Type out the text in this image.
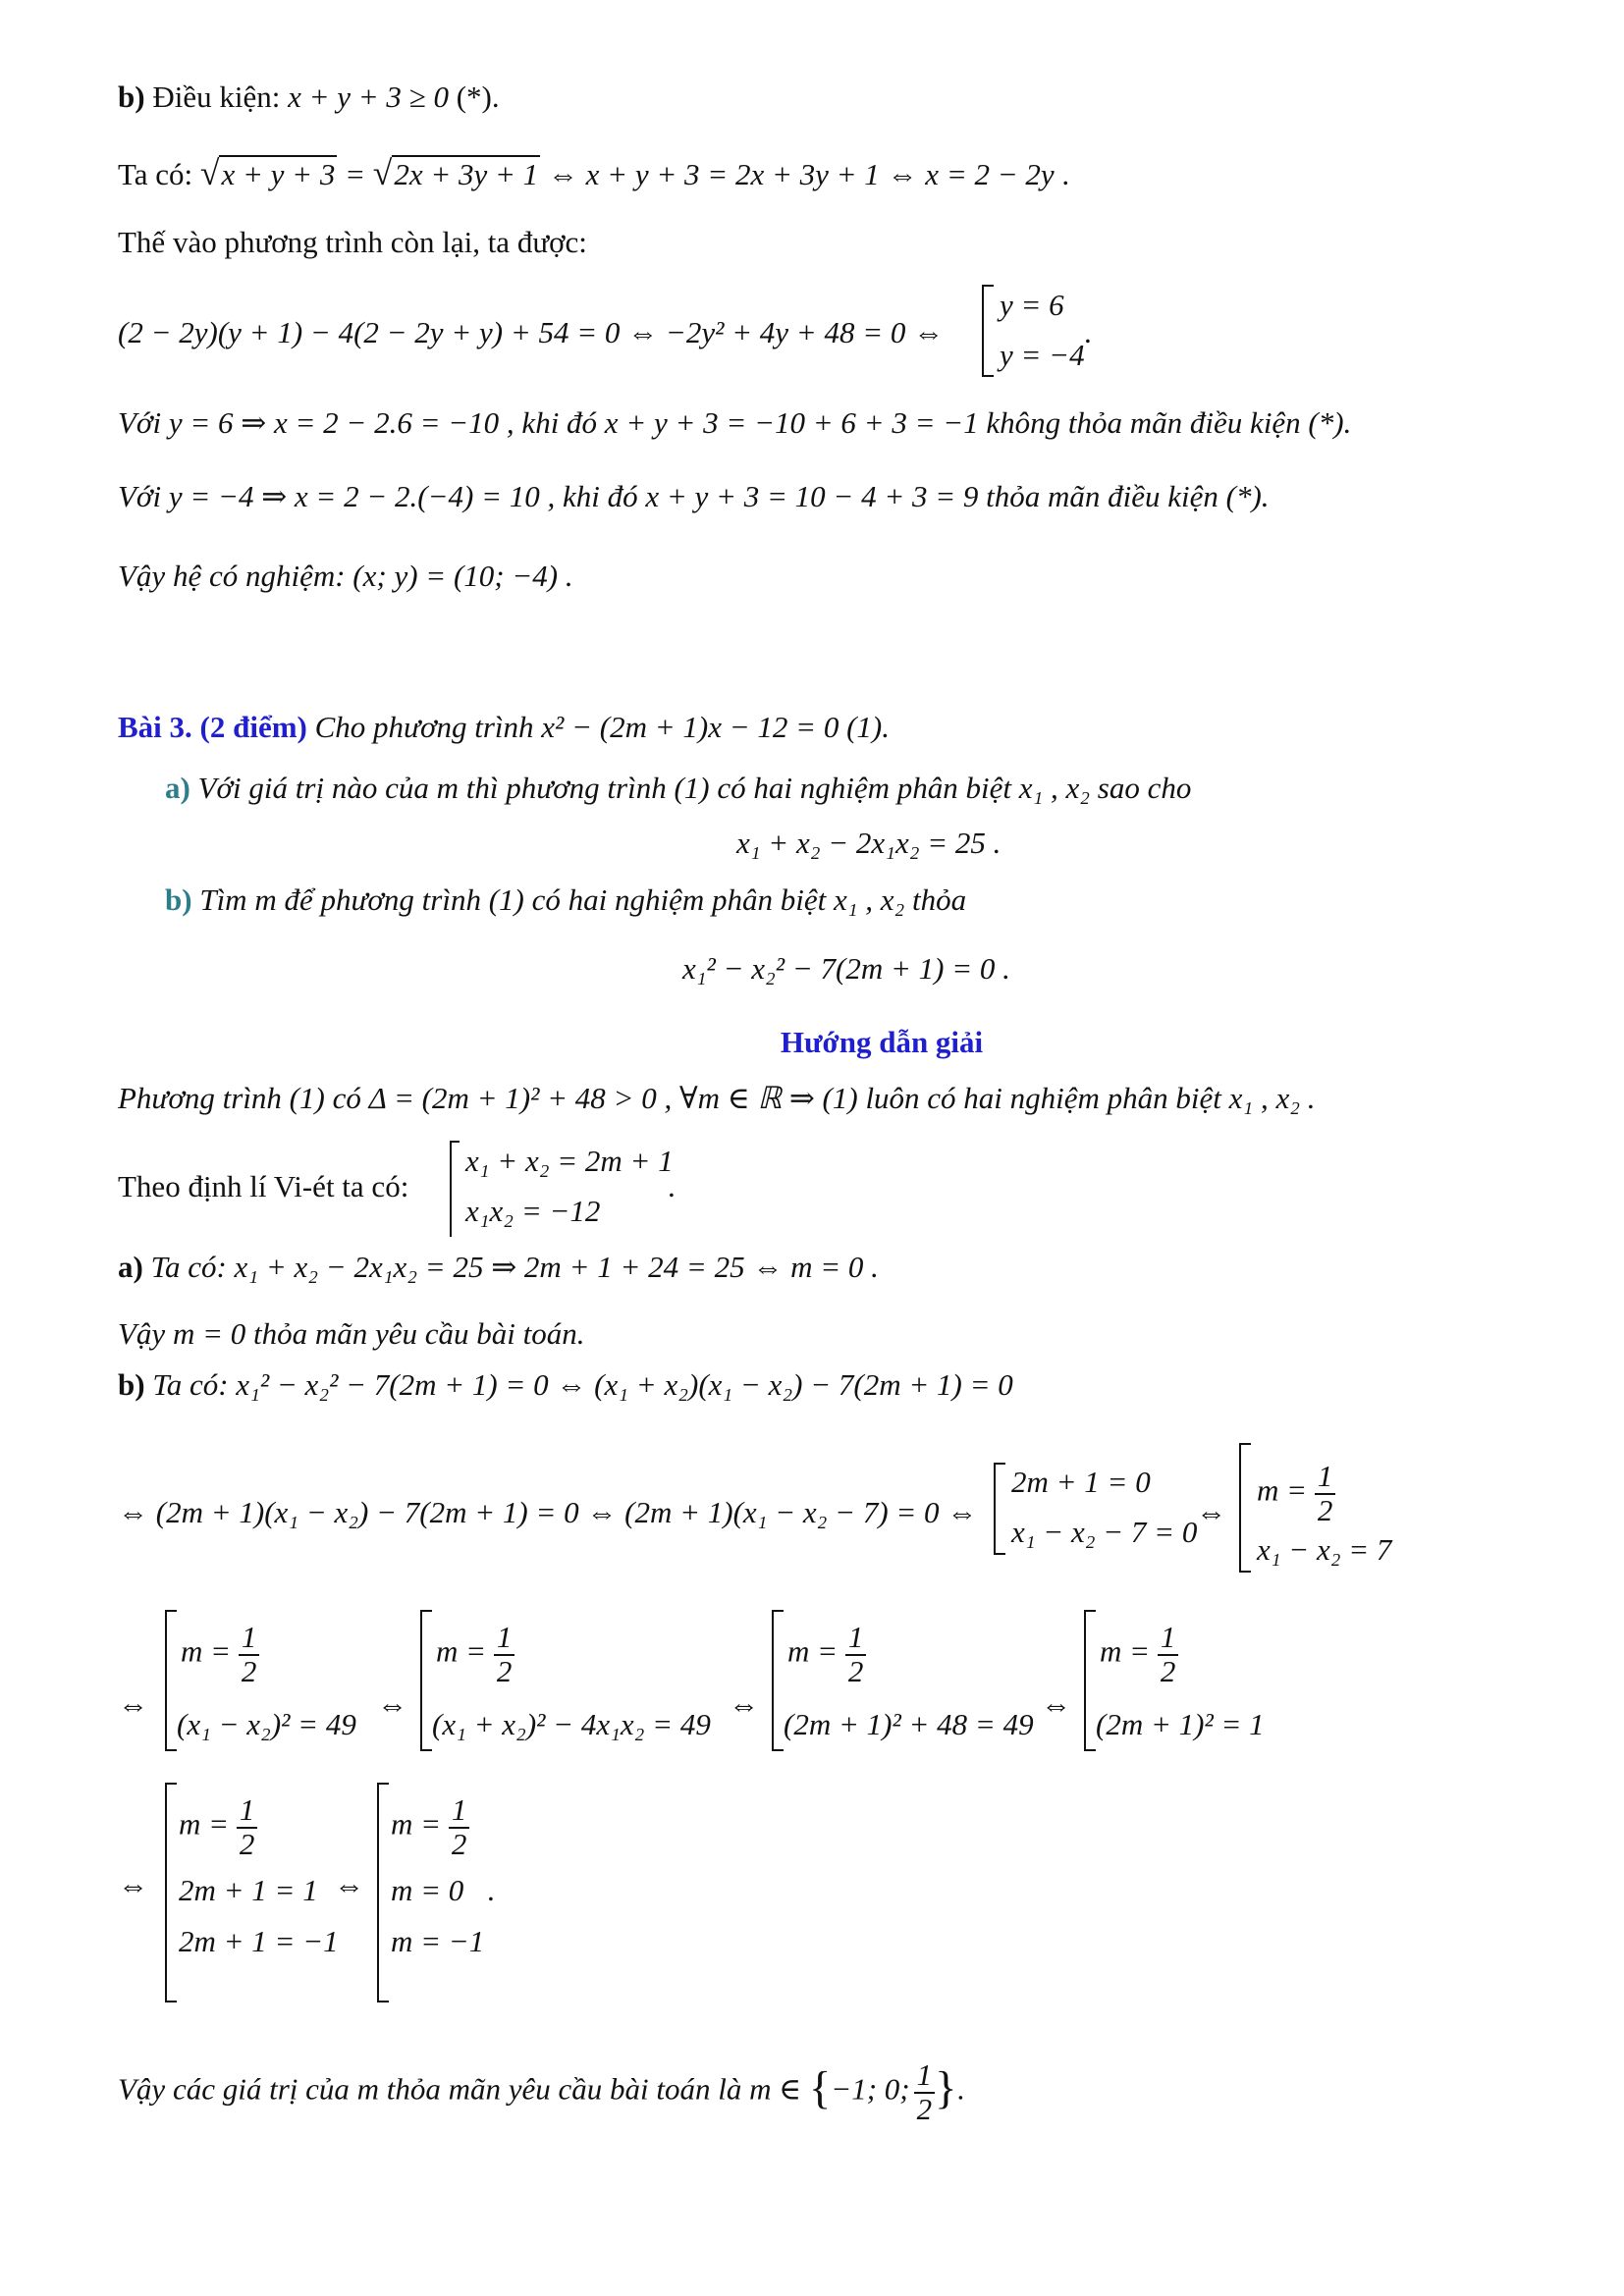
b) Điều kiện: x + y + 3 ≥ 0 (*).
Ta có: √x + y + 3 = √2x + 3y + 1 ⇔ x + y + 3 = 2x + 3y + 1 ⇔ x = 2 − 2y .
Thế vào phương trình còn lại, ta được:
(2 − 2y)(y + 1) − 4(2 − 2y + y) + 54 = 0 ⇔ −2y² + 4y + 48 = 0 ⇔
y = 6
y = −4
.
Với y = 6 ⇒ x = 2 − 2.6 = −10 , khi đó x + y + 3 = −10 + 6 + 3 = −1 không thỏa mãn điều kiện (*).
Với y = −4 ⇒ x = 2 − 2.(−4) = 10 , khi đó x + y + 3 = 10 − 4 + 3 = 9 thỏa mãn điều kiện (*).
Vậy hệ có nghiệm: (x; y) = (10; −4) .
Bài 3. (2 điểm) Cho phương trình x² − (2m + 1)x − 12 = 0 (1).
a) Với giá trị nào của m thì phương trình (1) có hai nghiệm phân biệt x₁ , x₂ sao cho
x₁ + x₂ − 2x₁x₂ = 25 .
b) Tìm m để phương trình (1) có hai nghiệm phân biệt x₁ , x₂ thỏa
x₁² − x₂² − 7(2m + 1) = 0 .
Hướng dẫn giải
Phương trình (1) có Δ = (2m + 1)² + 48 > 0 , ∀m ∈ ℝ ⇒ (1) luôn có hai nghiệm phân biệt x₁ , x₂ .
Theo định lí Vi-ét ta có:
x₁ + x₂ = 2m + 1
x₁x₂ = −12
.
a) Ta có: x₁ + x₂ − 2x₁x₂ = 25 ⇒ 2m + 1 + 24 = 25 ⇔ m = 0 .
Vậy m = 0 thỏa mãn yêu cầu bài toán.
b) Ta có: x₁² − x₂² − 7(2m + 1) = 0 ⇔ (x₁ + x₂)(x₁ − x₂) − 7(2m + 1) = 0
⇔ (2m + 1)(x₁ − x₂) − 7(2m + 1) = 0 ⇔ (2m + 1)(x₁ − x₂ − 7) = 0 ⇔
2m + 1 = 0
x₁ − x₂ − 7 = 0
⇔
$m = \frac{1}{2}$
x₁ − x₂ = 7
⇔
$m = \frac{1}{2}$
(x₁ − x₂)² = 49
⇔
$m = \frac{1}{2}$
(x₁ + x₂)² − 4x₁x₂ = 49
⇔
$m = \frac{1}{2}$
(2m + 1)² + 48 = 49
⇔
$m = \frac{1}{2}$
(2m + 1)² = 1
⇔
$m = \frac{1}{2}$
2m + 1 = 1
2m + 1 = −1
⇔
$m = \frac{1}{2}$
m = 0
m = −1
.
Vậy các giá trị của m thỏa mãn yêu cầu bài toán là m ∈ {−1; 0; $\frac{1}{2}$ }.
